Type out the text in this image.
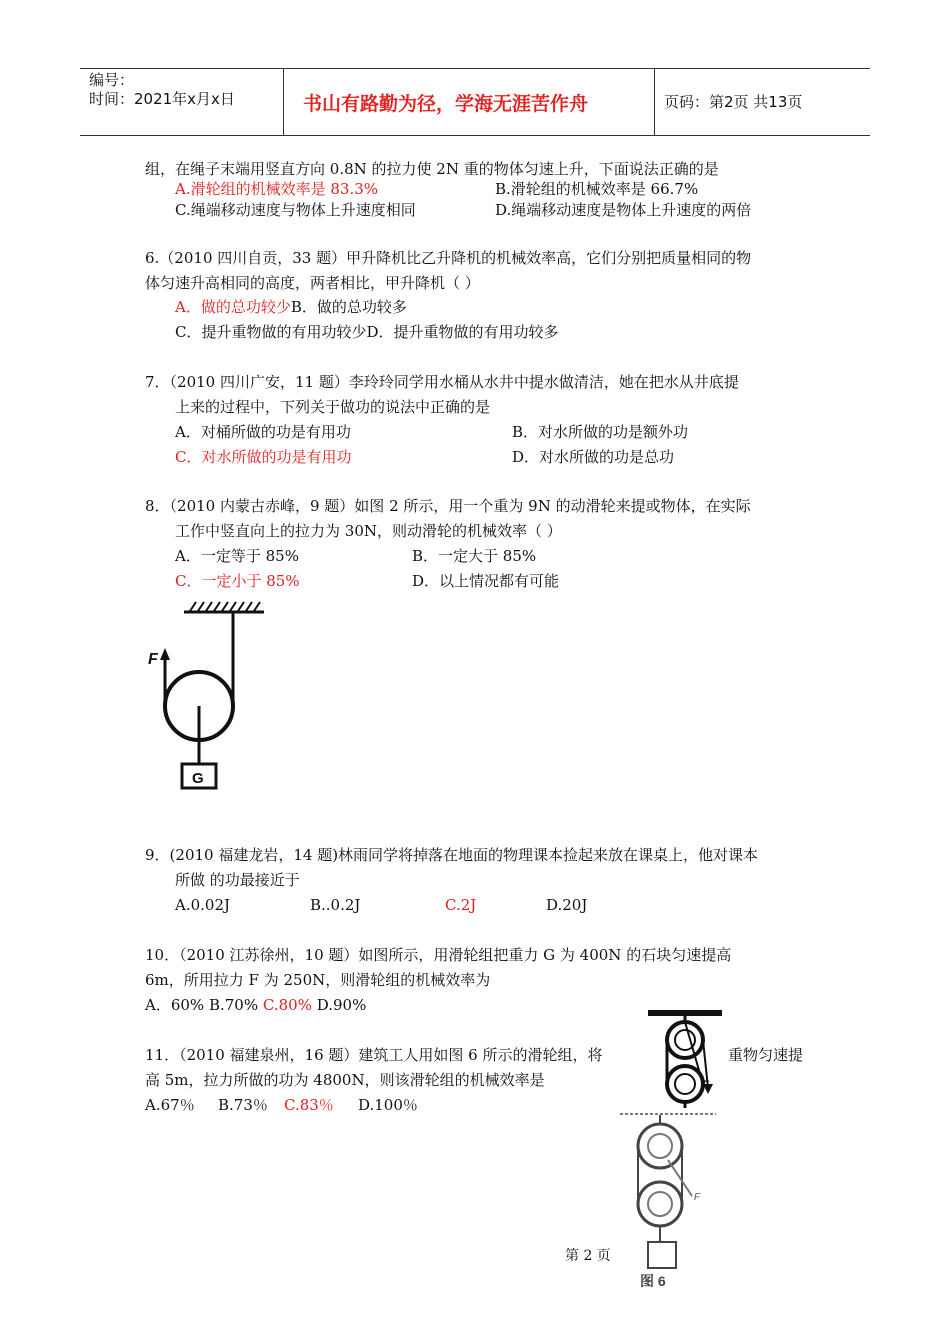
编号：
时间：2021年x月x日	书山有路勤为径，学海无涯苦作舟	页码：第2页 共13页
组，在绳子末端用竖直方向 0.8N 的拉力使 2N 重的物体匀速上升，下面说法正确的是
A.滑轮组的机械效率是 83.3%	B.滑轮组的机械效率是 66.7%
C.绳端移动速度与物体上升速度相同	D.绳端移动速度是物体上升速度的两倍
6.（2010 四川自贡，33 题）甲升降机比乙升降机的机械效率高，它们分别把质量相同的物
体匀速升高相同的高度，两者相比，甲升降机（ ）
A．做的总功较少B．做的总功较多
C．提升重物做的有用功较少D．提升重物做的有用功较多
7．（2010 四川广安，11 题）李玲玲同学用水桶从水井中提水做清洁，她在把水从井底提
上来的过程中，下列关于做功的说法中正确的是
A．对桶所做的功是有用功	B．对水所做的功是额外功
C．对水所做的功是有用功	D．对水所做的功是总功
8．（2010 内蒙古赤峰，9 题）如图 2 所示，用一个重为 9N 的动滑轮来提或物体，在实际
工作中竖直向上的拉力为 30N，则动滑轮的机械效率（ ）
A．一定等于 85%	B．一定大于 85%
C．一定小于 85%	D．以上情况都有可能
F
G
9．(2010 福建龙岩，14 题)林雨同学将掉落在地面的物理课本捡起来放在课桌上，他对课本
所做 的功最接近于
A.0.02J	B..0.2J	C.2J	D.20J
10．（2010 江苏徐州，10 题）如图所示，用滑轮组把重力 G 为 400N 的石块匀速提高
6m，所用拉力 F 为 250N，则滑轮组的机械效率为
A．60% B.70% C.80% D.90%
F
11．（2010 福建泉州，16 题）建筑工人用如图 6 所示的滑轮组，将	重物匀速提
高 5m，拉力所做的功为 4800N，则该滑轮组的机械效率是
A.67％ B.73％ C.83％ D.100％
F
图 6
第 2 页
